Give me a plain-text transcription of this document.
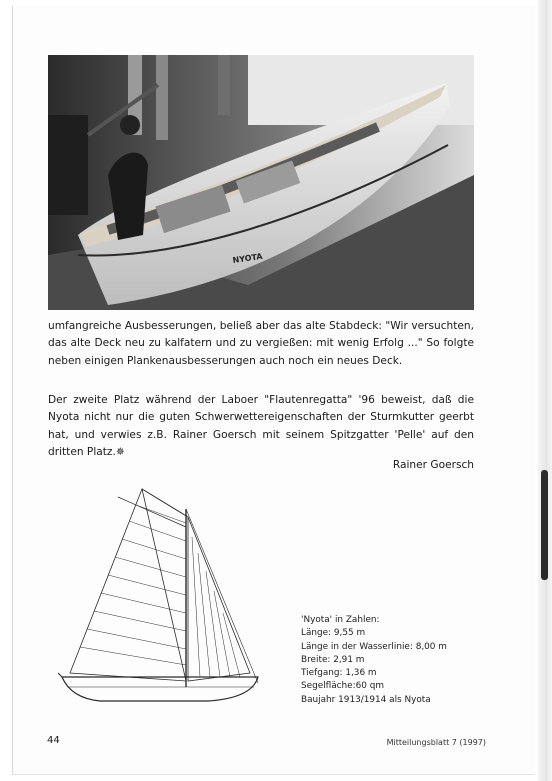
NYOTA

umfangreiche Ausbesserungen, beließ aber das alte Stabdeck: "Wir versuchten, das alte Deck neu zu kalfatern und zu vergießen: mit wenig Erfolg ..." So folgte neben einigen Plankenausbesserungen auch noch ein neues Deck.

Der zweite Platz während der Laboer "Flautenregatta" '96 beweist, daß die Nyota nicht nur die guten Schwerwettereigenschaften der Sturmkutter geerbt hat, und verwies z.B. Rainer Goersch mit seinem Spitzgatter 'Pelle' auf den dritten Platz.✵

Rainer Goersch
'Nyota' in Zahlen:
Länge: 9,55 m
Länge in der Wasserlinie: 8,00 m
Breite: 2,91 m
Tiefgang: 1,36 m
Segelfläche:60 qm
Baujahr 1913/1914 als Nyota
44	Mitteilungsblatt 7 (1997)
